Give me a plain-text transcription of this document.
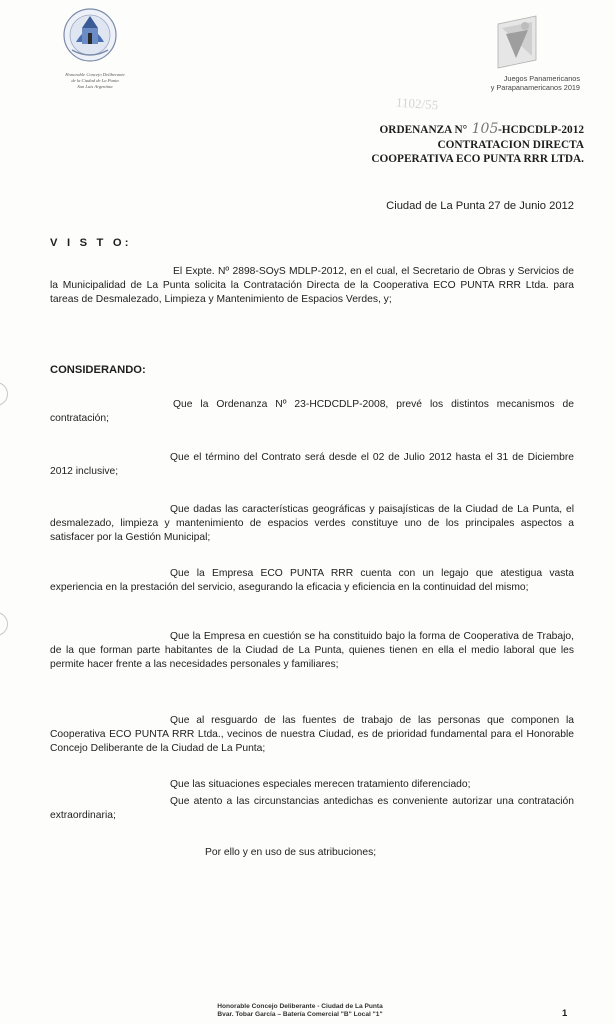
Honorable Concejo Deliberante
de la Ciudad de La Punta
San Luis Argentina
Juegos Panamericanos
y Parapanamericanos 2019
1102/55
ORDENANZA N° 105-HCDCDLP-2012
CONTRATACION DIRECTA
COOPERATIVA ECO PUNTA RRR LTDA.
Ciudad de La Punta 27 de Junio 2012
V I S T O:

El Expte. Nº 2898-SOyS MDLP-2012, en el cual, el Secretario de Obras y Servicios de la Municipalidad de La Punta solicita la Contratación Directa de la Cooperativa ECO PUNTA RRR Ltda. para tareas de Desmalezado, Limpieza y Mantenimiento de Espacios Verdes, y;

CONSIDERANDO:

Que la Ordenanza Nº 23-HCDCDLP-2008, prevé los distintos mecanismos de contratación;

Que el término del Contrato será desde el 02 de Julio 2012 hasta el 31 de Diciembre 2012 inclusive;

Que dadas las características geográficas y paisajísticas de la Ciudad de La Punta, el desmalezado, limpieza y mantenimiento de espacios verdes constituye uno de los principales aspectos a satisfacer por la Gestión Municipal;

Que la Empresa ECO PUNTA RRR cuenta con un legajo que atestigua vasta experiencia en la prestación del servicio, asegurando la eficacia y eficiencia en la continuidad del mismo;

Que la Empresa en cuestión se ha constituido bajo la forma de Cooperativa de Trabajo, de la que forman parte habitantes de la Ciudad de La Punta, quienes tienen en ella el medio laboral que les permite hacer frente a las necesidades personales y familiares;

Que al resguardo de las fuentes de trabajo de las personas que componen la Cooperativa ECO PUNTA RRR Ltda., vecinos de nuestra Ciudad, es de prioridad fundamental para el Honorable Concejo Deliberante de la Ciudad de La Punta;

Que las situaciones especiales merecen tratamiento diferenciado;

Que atento a las circunstancias antedichas es conveniente autorizar una contratación extraordinaria;

Por ello y en uso de sus atribuciones;

Honorable Concejo Deliberante - Ciudad de La Punta
Bvar. Tobar García – Batería Comercial "B" Local "1"	1
